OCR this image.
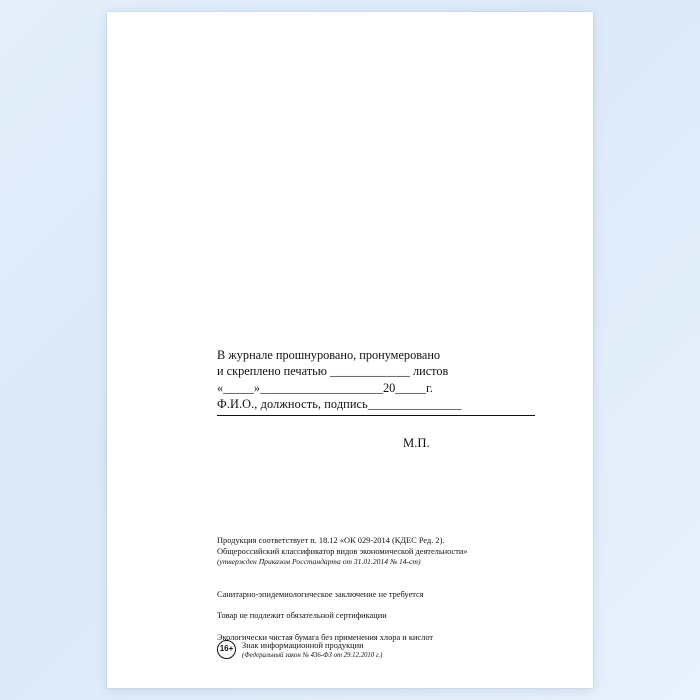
В журнале прошнуровано, пронумеровано
и скреплено печатью _____________ листов
«_____»____________________20_____г.
Ф.И.О., должность, подпись_______________
М.П.
Продукция соответствует п. 18.12 «ОК 029-2014 (КДЕС Ред. 2).
Общероссийский классификатор видов экономической деятельности»
(утвержден Приказом Росстандарта от 31.01.2014 № 14-ст)
Санитарно-эпидемиологическое заключение не требуется
Товар не подлежит обязательной сертификации
Экологически чистая бумага без применения хлора и кислот
16+	Знак информационной продукции
(Федеральный закон № 436-ФЗ от 29.12.2010 г.)
